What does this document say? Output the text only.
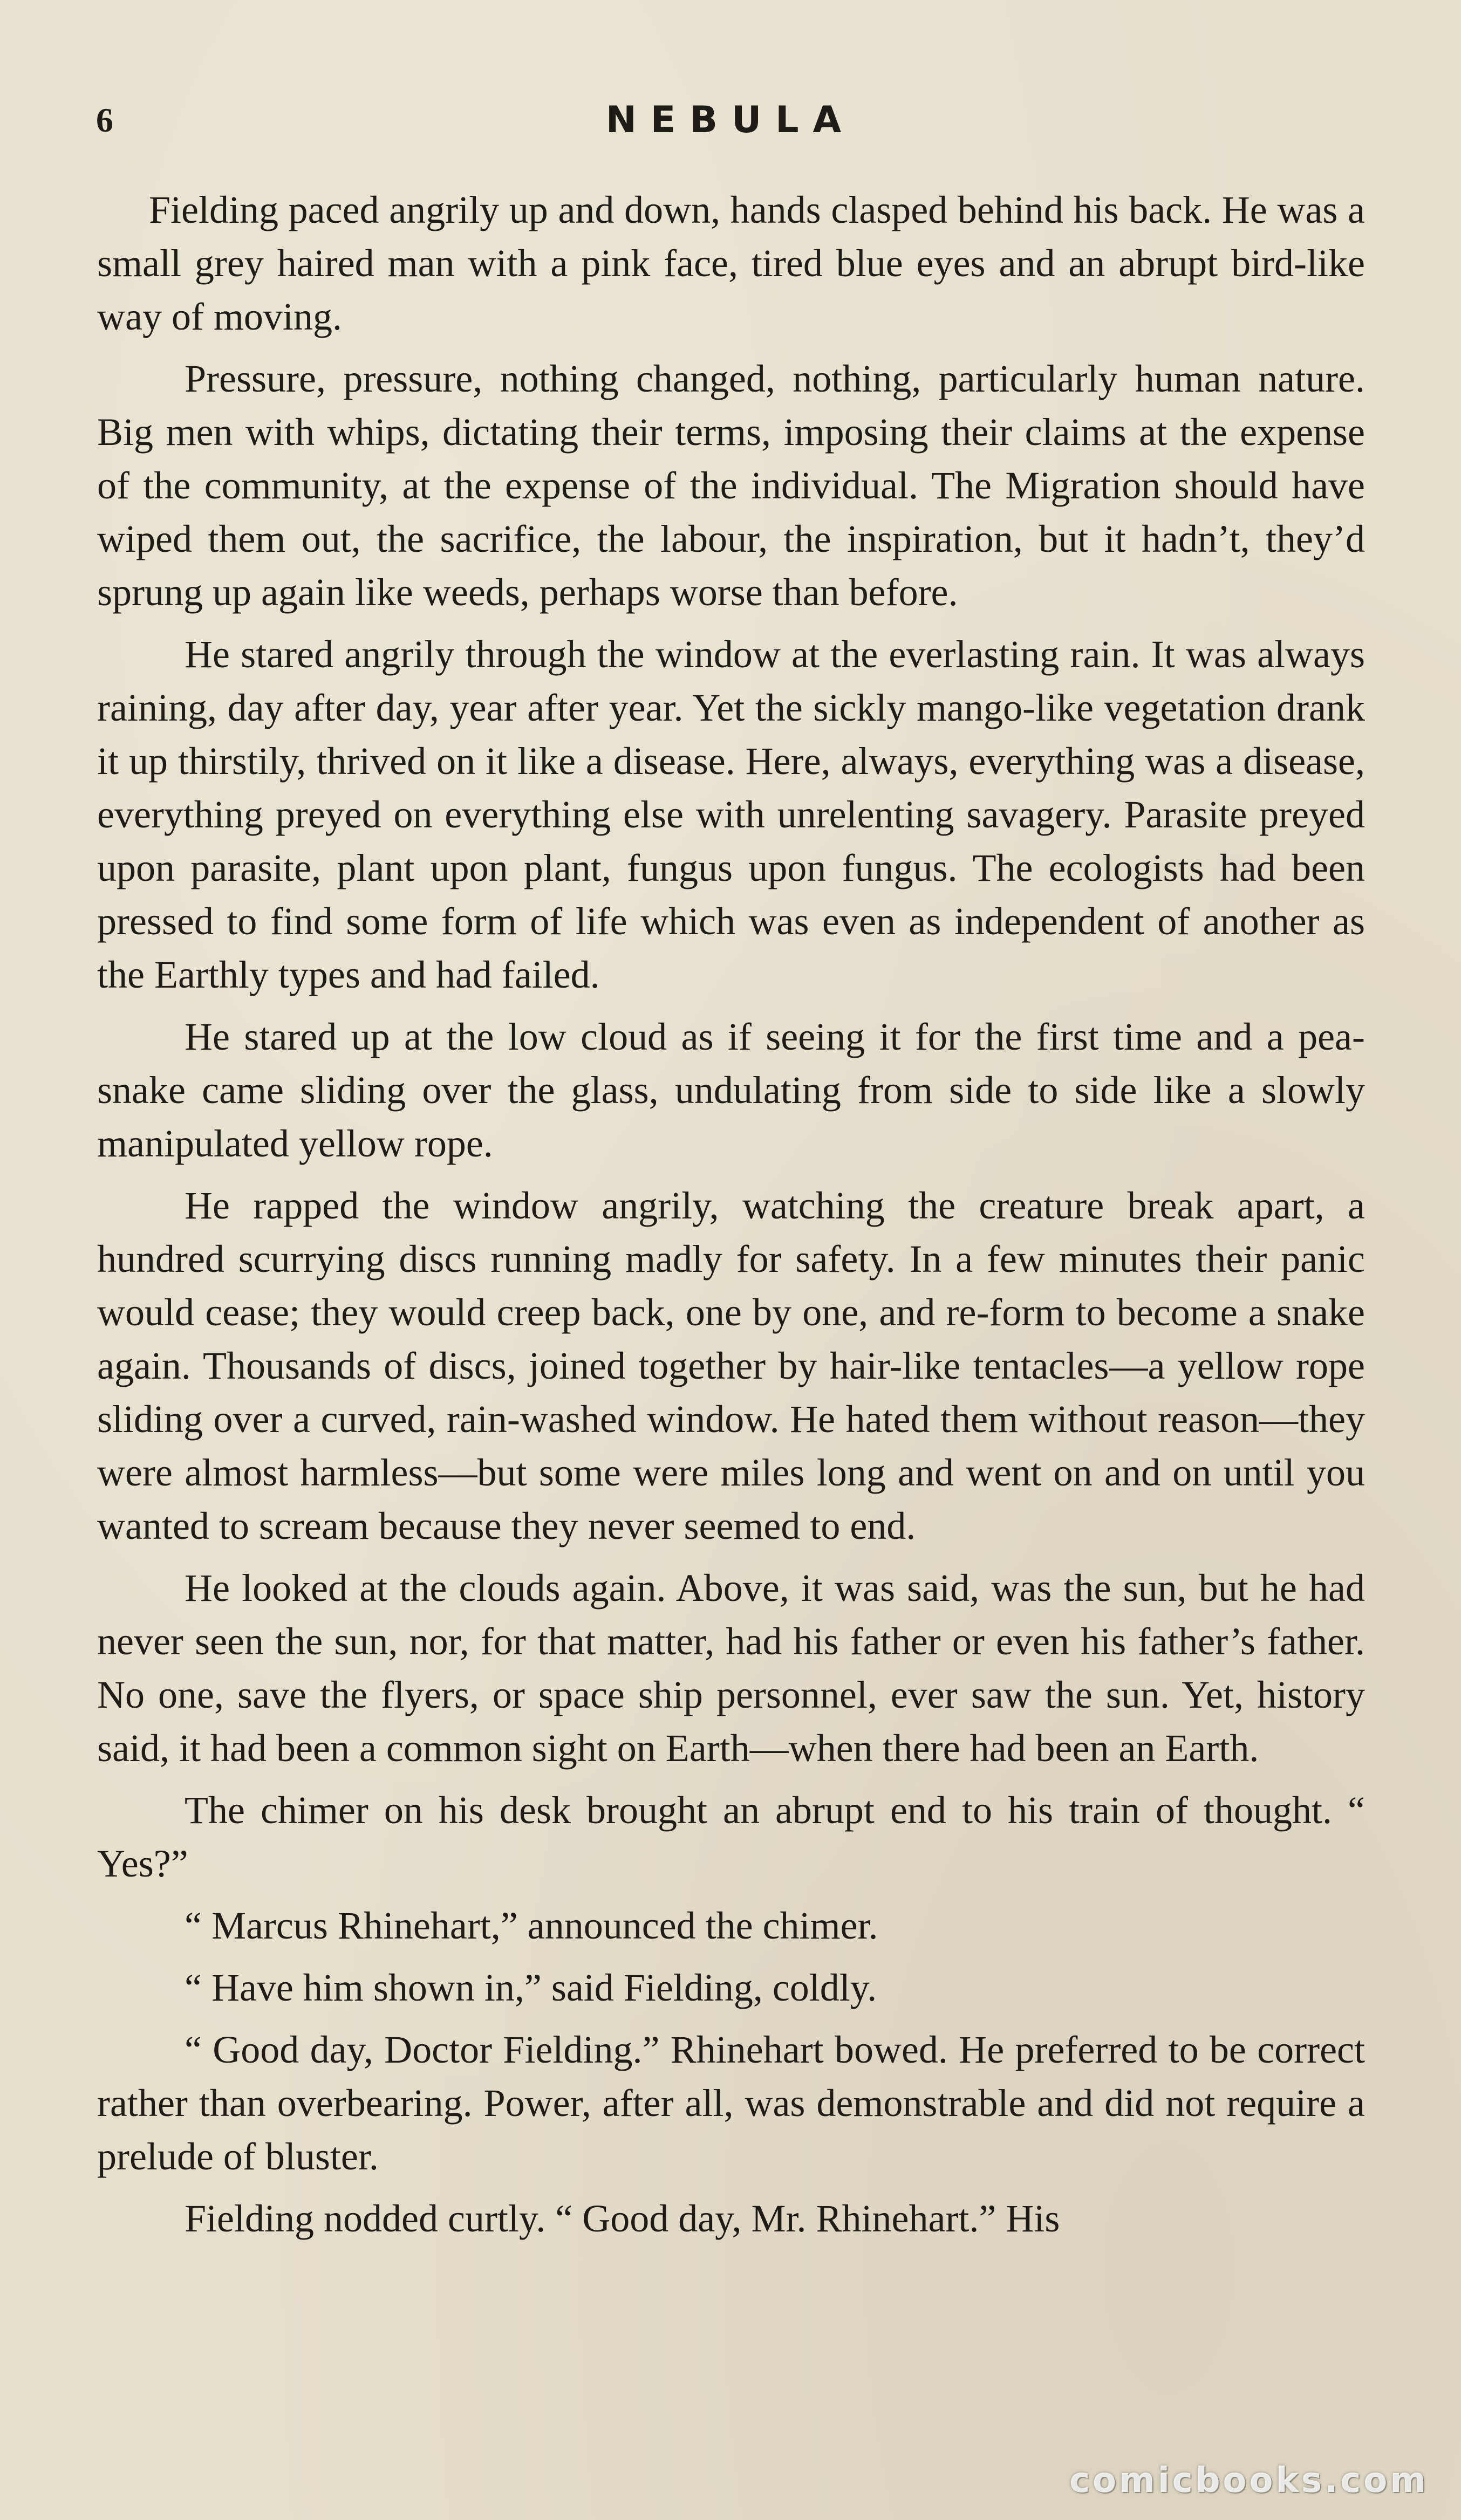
6	NEBULA

Fielding paced angrily up and down, hands clasped behind his back. He was a small grey haired man with a pink face, tired blue eyes and an abrupt bird-like way of moving.

Pressure, pressure, nothing changed, nothing, particularly human nature. Big men with whips, dictating their terms, imposing their claims at the expense of the community, at the expense of the individual. The Migration should have wiped them out, the sacrifice, the labour, the inspiration, but it hadn’t, they’d sprung up again like weeds, perhaps worse than before.

He stared angrily through the window at the everlasting rain. It was always raining, day after day, year after year. Yet the sickly mango-like vegetation drank it up thirstily, thrived on it like a disease. Here, always, everything was a disease, everything preyed on everything else with unrelenting savagery. Parasite preyed upon parasite, plant upon plant, fungus upon fungus. The ecologists had been pressed to find some form of life which was even as independent of another as the Earthly types and had failed.

He stared up at the low cloud as if seeing it for the first time and a pea-snake came sliding over the glass, undulating from side to side like a slowly manipulated yellow rope.

He rapped the window angrily, watching the creature break apart, a hundred scurrying discs running madly for safety. In a few minutes their panic would cease; they would creep back, one by one, and re-form to become a snake again. Thousands of discs, joined together by hair-like tentacles—a yellow rope sliding over a curved, rain-washed window. He hated them without reason—they were almost harmless—but some were miles long and went on and on until you wanted to scream because they never seemed to end.

He looked at the clouds again. Above, it was said, was the sun, but he had never seen the sun, nor, for that matter, had his father or even his father’s father. No one, save the flyers, or space ship personnel, ever saw the sun. Yet, history said, it had been a common sight on Earth—when there had been an Earth.

The chimer on his desk brought an abrupt end to his train of thought. “ Yes?”

“ Marcus Rhinehart,” announced the chimer.

“ Have him shown in,” said Fielding, coldly.

“ Good day, Doctor Fielding.” Rhinehart bowed. He preferred to be correct rather than overbearing. Power, after all, was demonstrable and did not require a prelude of bluster.

Fielding nodded curtly. “ Good day, Mr. Rhinehart.” His

comicbooks.com
